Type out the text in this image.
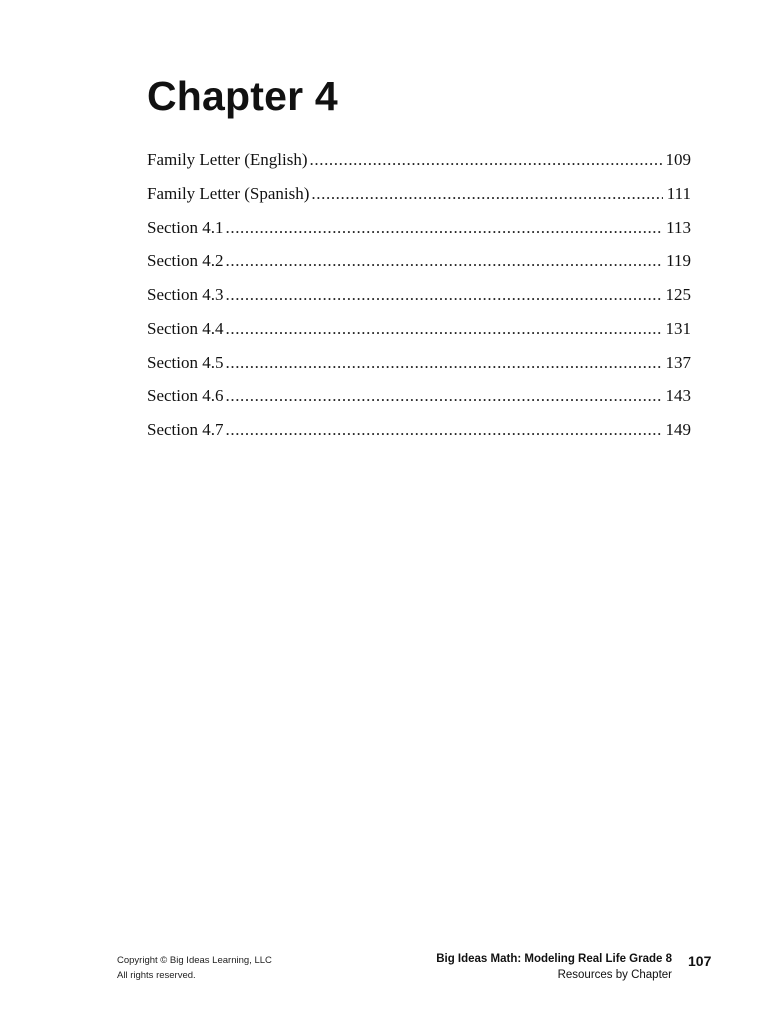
Chapter 4
Family Letter (English) .....	109
Family Letter (Spanish) .....	111
Section 4.1 .....	113
Section 4.2 .....	119
Section 4.3 .....	125
Section 4.4 .....	131
Section 4.5 .....	137
Section 4.6 .....	143
Section 4.7 .....	149
Copyright © Big Ideas Learning, LLC
All rights reserved.
Big Ideas Math: Modeling Real Life Grade 8
Resources by Chapter
107
